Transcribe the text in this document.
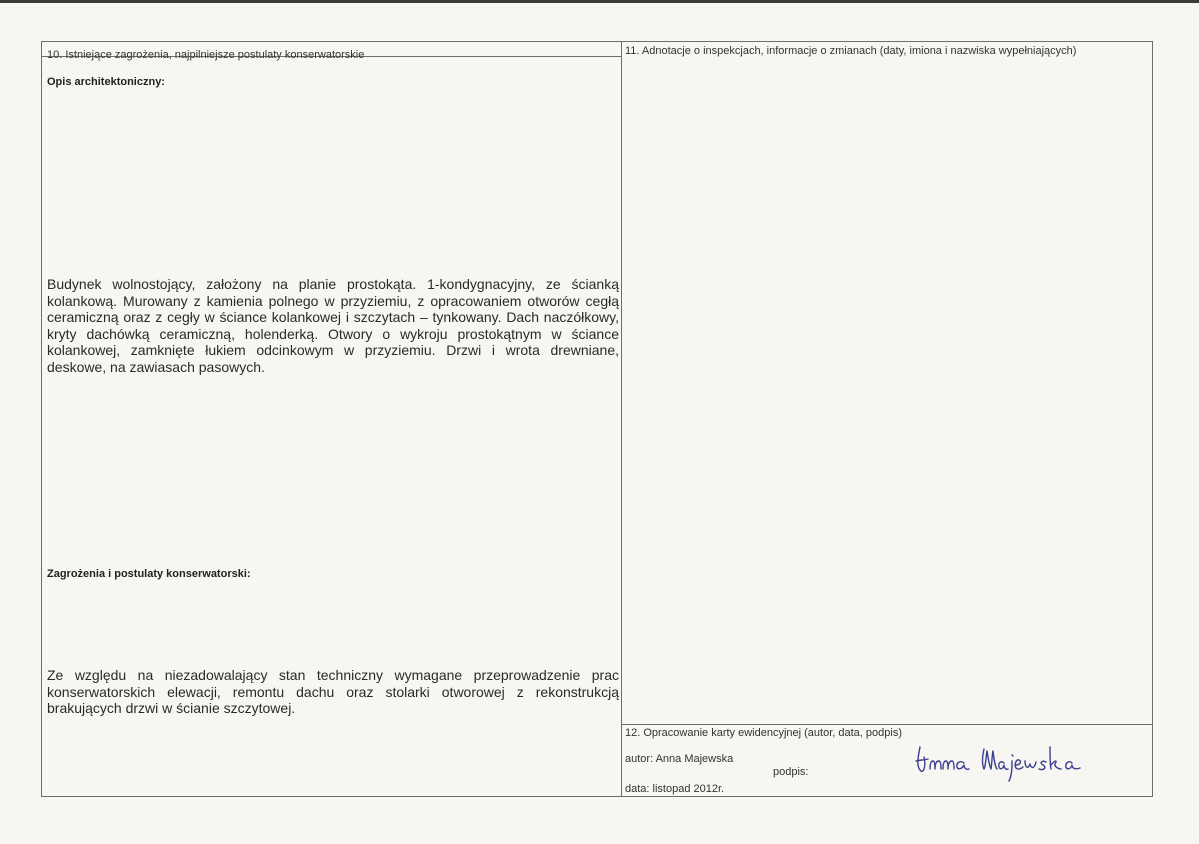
10. Istniejące zagrożenia, najpilniejsze postulaty konserwatorskie
Opis architektoniczny:
Budynek wolnostojący, założony na planie prostokąta. 1-kondygnacyjny, ze ścianką kolankową. Murowany z kamienia polnego w przyziemiu, z opracowaniem otworów cegłą ceramiczną oraz z cegły w ściance kolankowej i szczytach – tynkowany. Dach naczółkowy, kryty dachówką ceramiczną, holenderką. Otwory o wykroju prostokątnym w ściance kolankowej, zamknięte łukiem odcinkowym w przyziemiu. Drzwi i wrota drewniane, deskowe, na zawiasach pasowych.
Zagrożenia i postulaty konserwatorski:
Ze względu na niezadowalający stan techniczny wymagane przeprowadzenie prac konserwatorskich elewacji, remontu dachu oraz stolarki otworowej z rekonstrukcją brakujących drzwi w ścianie szczytowej.
11. Adnotacje o inspekcjach, informacje o zmianach (daty, imiona i nazwiska wypełniających)
12. Opracowanie karty ewidencyjnej (autor, data, podpis)
autor: Anna Majewska
podpis:
data: listopad 2012r.
